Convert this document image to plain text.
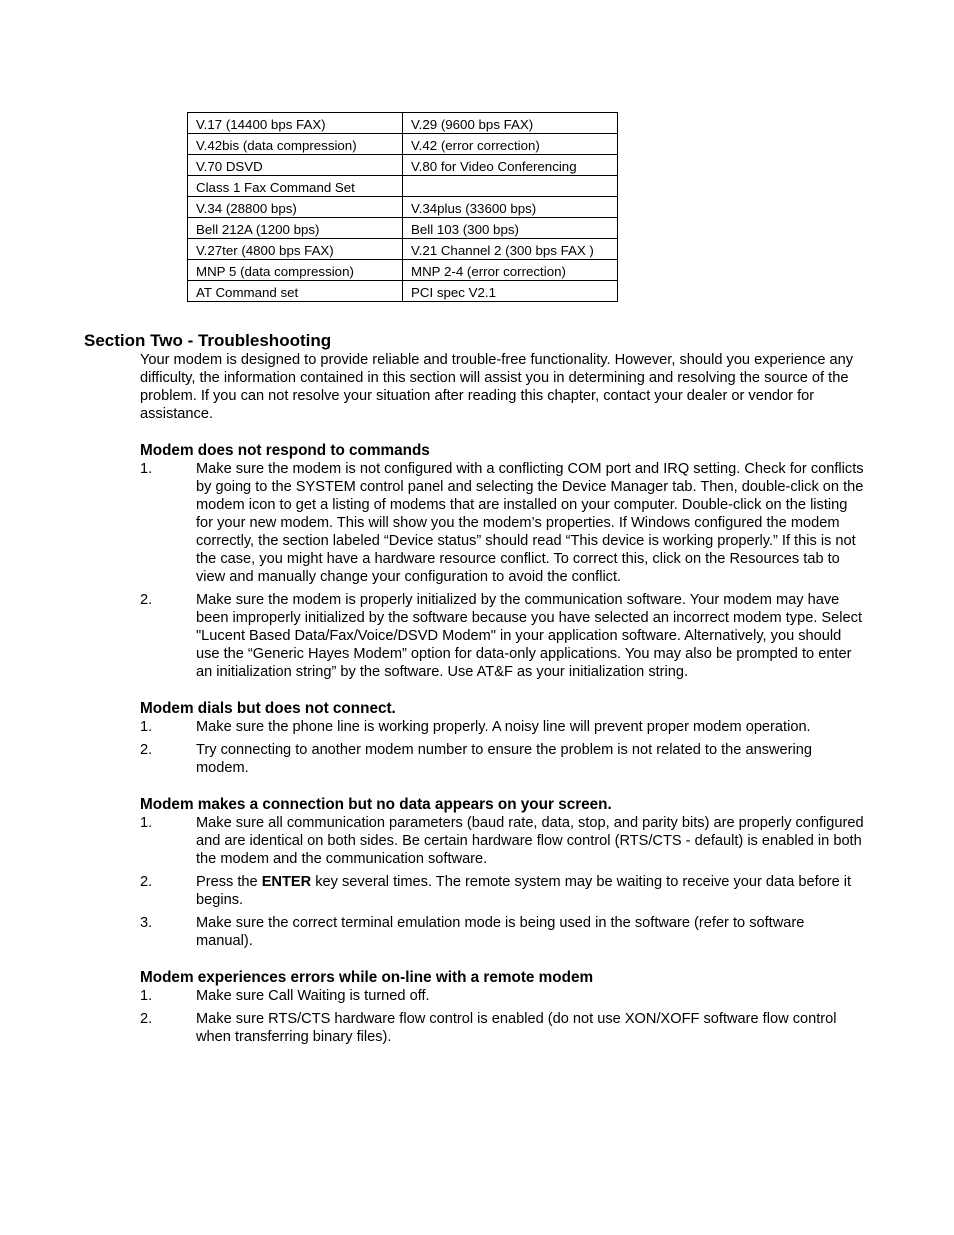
V.17 (14400 bps FAX)	V.29 (9600 bps FAX)
V.42bis (data compression)	V.42 (error correction)
V.70 DSVD	V.80 for Video Conferencing
Class 1 Fax Command Set	
V.34 (28800 bps)	V.34plus (33600 bps)
Bell 212A (1200 bps)	Bell 103 (300 bps)
V.27ter (4800 bps FAX)	V.21 Channel 2 (300 bps FAX )
MNP 5 (data compression)	MNP 2-4 (error correction)
AT Command set	PCI spec V2.1
Section Two - Troubleshooting

Your modem is designed to provide reliable and trouble-free functionality. However, should you experience any difficulty, the information contained in this section will assist you in determining and resolving the source of the problem. If you can not resolve your situation after reading this chapter, contact your dealer or vendor for assistance.

Modem does not respond to commands
1.	Make sure the modem is not configured with a conflicting COM port and IRQ setting. Check for conflicts by going to the SYSTEM control panel and selecting the Device Manager tab. Then, double-click on the modem icon to get a listing of modems that are installed on your computer. Double-click on the listing for your new modem. This will show you the modem’s properties. If Windows configured the modem correctly, the section labeled “Device status” should read “This device is working properly.” If this is not the case, you might have a hardware resource conflict. To correct this, click on the Resources tab to view and manually change your configuration to avoid the conflict.
2.	Make sure the modem is properly initialized by the communication software. Your modem may have been improperly initialized by the software because you have selected an incorrect modem type. Select "Lucent Based Data/Fax/Voice/DSVD Modem" in your application software. Alternatively, you should use the “Generic Hayes Modem” option for data-only applications. You may also be prompted to enter an initialization string” by the software. Use AT&F as your initialization string.
Modem dials but does not connect.
1.	Make sure the phone line is working properly. A noisy line will prevent proper modem operation.
2.	Try connecting to another modem number to ensure the problem is not related to the answering modem.
Modem makes a connection but no data appears on your screen.
1.	Make sure all communication parameters (baud rate, data, stop, and parity bits) are properly configured and are identical on both sides. Be certain hardware flow control (RTS/CTS - default) is enabled in both the modem and the communication software.
2.	Press the ENTER key several times. The remote system may be waiting to receive your data before it begins.
3.	Make sure the correct terminal emulation mode is being used in the software (refer to software manual).
Modem experiences errors while on-line with a remote modem
1.	Make sure Call Waiting is turned off.
2.	Make sure RTS/CTS hardware flow control is enabled (do not use XON/XOFF software flow control when transferring binary files).
